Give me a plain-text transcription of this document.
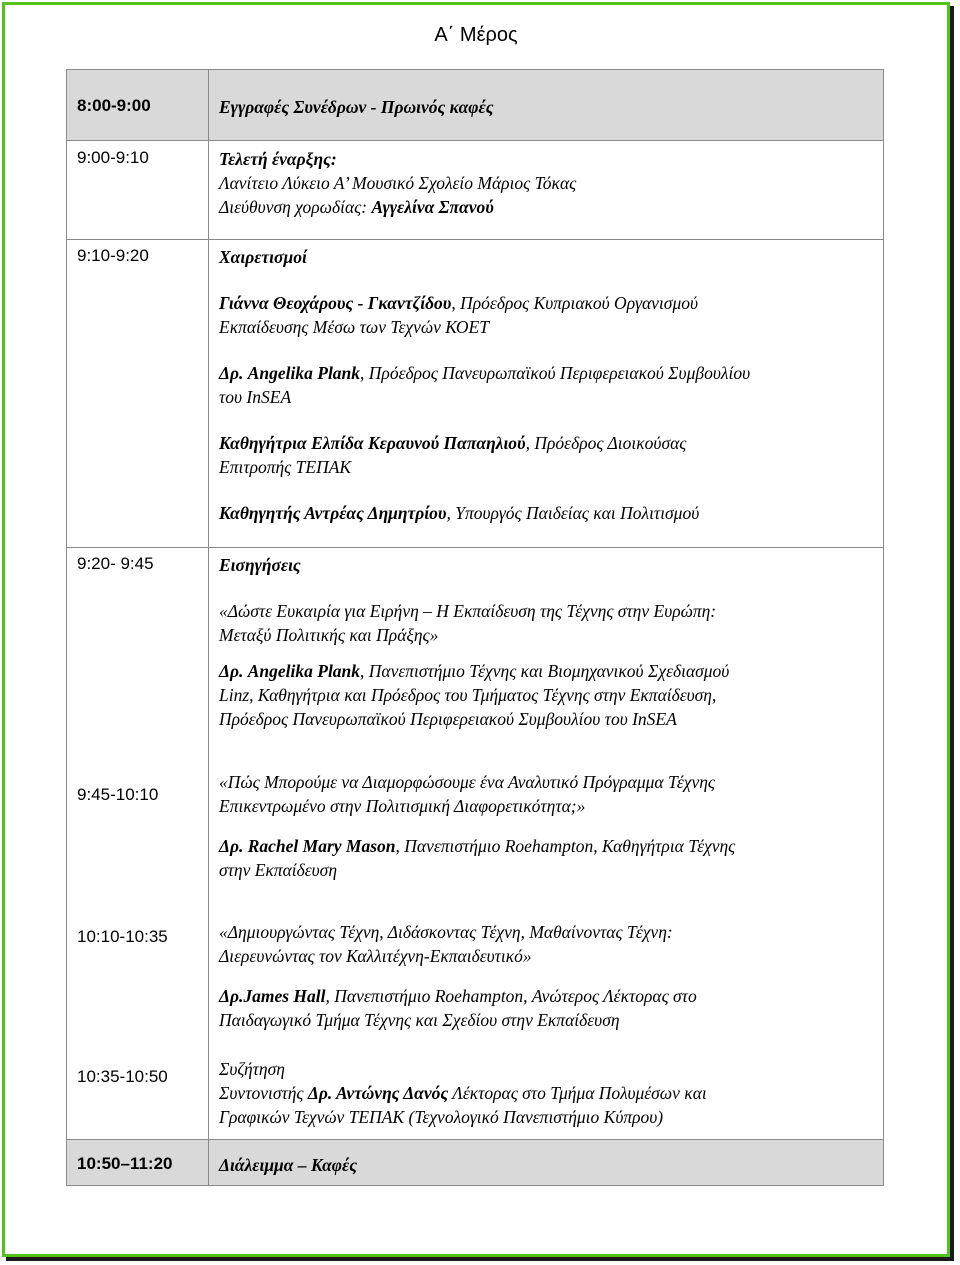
Α΄ Μέρος
8:00-9:00	Εγγραφές Συνέδρων - Πρωινός καφές
9:00-9:10	Τελετή έναρξης:
Λανίτειο Λύκειο Α’ Μουσικό Σχολείο Μάριος Τόκας
Διεύθυνση χορωδίας: Αγγελίνα Σπανού
9:10-9:20	Χαιρετισμοί
Γιάννα Θεοχάρους - Γκαντζίδου, Πρόεδρος Κυπριακού Οργανισμού
Εκπαίδευσης Μέσω των Τεχνών ΚΟΕΤ
Δρ. Angelika Plank, Πρόεδρος Πανευρωπαϊκού Περιφερειακού Συμβουλίου
του InSEA
Καθηγήτρια Ελπίδα Κεραυνού Παπαηλιού, Πρόεδρος Διοικούσας
Επιτροπής ΤΕΠΑΚ
Καθηγητής Αντρέας Δημητρίου, Υπουργός Παιδείας και Πολιτισμού
9:20- 9:45	Εισηγήσεις
«Δώστε Ευκαιρία για Ειρήνη – Η Εκπαίδευση της Τέχνης στην Ευρώπη:
Μεταξύ Πολιτικής και Πράξης»
Δρ. Angelika Plank, Πανεπιστήμιο Τέχνης και Βιομηχανικού Σχεδιασμού
Linz, Καθηγήτρια και Πρόεδρος του Τμήματος Τέχνης στην Εκπαίδευση,
Πρόεδρος Πανευρωπαϊκού Περιφερειακού Συμβουλίου του InSEA
9:45-10:10
«Πώς Μπορούμε να Διαμορφώσουμε ένα Αναλυτικό Πρόγραμμα Τέχνης
Επικεντρωμένο στην Πολιτισμική Διαφορετικότητα;»
Δρ. Rachel Mary Mason, Πανεπιστήμιο Roehampton, Καθηγήτρια Τέχνης
στην Εκπαίδευση
10:10-10:35	«Δημιουργώντας Τέχνη, Διδάσκοντας Τέχνη, Μαθαίνοντας Τέχνη:
Διερευνώντας τον Καλλιτέχνη-Εκπαιδευτικό»
Δρ.James Hall, Πανεπιστήμιο Roehampton, Ανώτερος Λέκτορας στο
Παιδαγωγικό Τμήμα Τέχνης και Σχεδίου στην Εκπαίδευση
10:35-10:50	Συζήτηση
Συντονιστής Δρ. Αντώνης Δανός Λέκτορας στο Τμήμα Πολυμέσων και
Γραφικών Τεχνών ΤΕΠΑΚ (Τεχνολογικό Πανεπιστήμιο Κύπρου)
10:50–11:20	Διάλειμμα – Καφές
